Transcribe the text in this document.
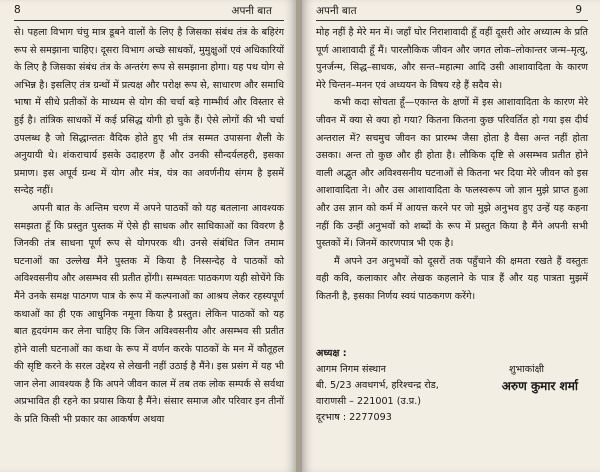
8	अपनी बात

से। पहला विभाग चंचु मात्र डूबने वालों के लिए है जिसका संबंध तंत्र के बहिरंग रूप से समझाना चाहिए। दूसरा विभाग अच्छे साधकों, मुमुक्षुओं एवं अधिकारियों के लिए है जिसका संबंध तंत्र के अन्तरंग रूप से समझाना होगा। यह पथ योग से अभिन्न है। इसलिए तंत्र ग्रन्थों में प्रत्यक्ष और परोक्ष रूप से, साधारण और समाधि भाषा में सीधे प्रतीकों के माध्यम से योग की चर्चा बड़े गाम्भीर्य और विस्तार से हुई है। तांत्रिक साधकों में कई प्रसिद्ध योगी हो चुके हैं। ऐसे लोगों की भी चर्चा उपलब्ध है जो सिद्धान्ततः वैदिक होते हुए भी तंत्र सम्मत उपासना शैली के अनुयायी थे। शंकराचार्य इसके उदाहरण हैं और उनकी सौन्दर्यलहरी, इसका प्रमाण। इस अपूर्व ग्रन्थ में योग और मंत्र, यंत्र का अवर्णनीय संगम है इसमें सन्देह नहीं।

अपनी बात के अन्तिम चरण में अपने पाठकों को यह बतलाना आवश्यक समझता हूँ कि प्रस्तुत पुस्तक में ऐसे ही साधक और साधिकाओं का विवरण है जिनकी तंत्र साधना पूर्ण रूप से योगपरक थी। उनसे संबंधित जिन तमाम घटनाओं का उल्लेख मैंने पुस्तक में किया है निस्सन्देह वे पाठकों को अविश्वसनीय और असम्भव सी प्रतीत होंगी। सम्भवतः पाठकगण यही सोचेंगे कि मैंने उनके समक्ष पाठगण पात्र के रूप में कल्पनाओं का आश्रय लेकर रहस्यपूर्ण कथाओं का ही एक आधुनिक नमूना किया है प्रस्तुत। लेकिन पाठकों को यह बात हृदयंगम कर लेना चाहिए कि जिन अविश्वसनीय और असम्भव सी प्रतीत होने वाली घटनाओं का कथा के रूप में वर्णन करके पाठकों के मन में कौतूहल की सृष्टि करने के सरल उद्देश्य से लेखनी नहीं उठाई है मैंने। इस प्रसंग में यह भी जान लेना आवश्यक है कि अपने जीवन काल में तब तक लोक सम्पर्क से सर्वथा अप्रभावित ही रहने का प्रयास किया है मैंने। संसार समाज और परिवार इन तीनों के प्रति किसी भी प्रकार का आकर्षण अथवा

अपनी बात	9

मोह नहीं है मेरे मन में। जहाँ घोर निराशावादी हूँ वहीं दूसरी ओर अध्यात्म के प्रति पूर्ण आशावादी हूँ मैं। पारलौकिक जीवन और जगत लोक–लोकान्तर जन्म–मृत्यु, पुनर्जन्म, सिद्ध–साधक, और सन्त–महात्मा आदि उसी आशावादिता के कारण मेरे चिन्तन–मनन एवं अध्ययन के विषय रहे हैं सदैव से।

कभी कदा सोचता हूँ—एकान्त के क्षणों में इस आशावादिता के कारण मेरे जीवन में क्या से क्या हो गया? कितना कितना कुछ परिवर्तित हो गया इस दीर्घ अन्तराल में? सचमुच जीवन का प्रारम्भ जैसा होता है वैसा अन्त नहीं होता उसका। अन्त तो कुछ और ही होता है। लौकिक दृष्टि से असम्भव प्रतीत होने वाली अद्भुत और अविश्वसनीय घटनाओं से कितना भर दिया मेरे जीवन को इस आशावादिता ने। और उस आशावादिता के फलस्वरूप जो ज्ञान मुझे प्राप्त हुआ और उस ज्ञान को कर्म में आयत्त करने पर जो मुझे अनुभव हुए उन्हें यह कहना नहीं कि उन्हीं अनुभवों को शब्दों के रूप में प्रस्तुत किया है मैंने अपनी सभी पुस्तकों में। जिनमें कारणपात्र भी एक है।

मैं अपने उन अनुभवों को दूसरों तक पहुँचाने की क्षमता रखते हैं वस्तुतः वही कवि, कलाकार और लेखक कहलाने के पात्र हैं और यह पात्रता मुझमें कितनी है, इसका निर्णय स्वयं पाठकगण करेंगे।

अध्यक्ष :
आगम निगम संस्थान
बी. 5/23 अवधगर्भ, हरिश्चन्द्र रोड,
वाराणसी – 221001 (उ.प्र.)
दूरभाष : 2277093
शुभाकांक्षी
अरुण कुमार शर्मा
